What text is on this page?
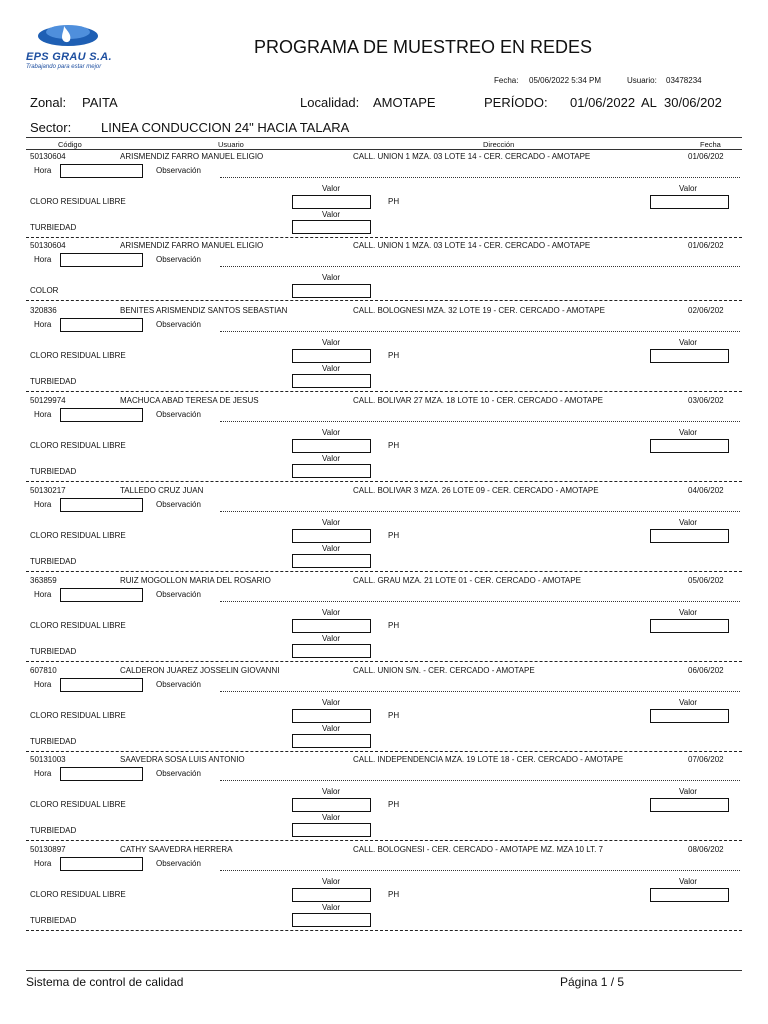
EPS GRAU S.A.
Trabajando para estar mejor
PROGRAMA DE MUESTREO EN REDES
Fecha: 05/06/2022 5:34 PM	Usuario: 03478234
Zonal: PAITA	Localidad: AMOTAPE	PERÍODO: 01/06/2022 AL 30/06/202
Sector: LINEA CONDUCCION 24" HACIA TALARA
Código	Usuario	Dirección	Fecha
50130604	ARISMENDIZ FARRO MANUEL ELIGIO	CALL. UNION 1 MZA. 03 LOTE 14 - CER. CERCADO - AMOTAPE	01/06/202
Hora	Observación
Valor
CLORO RESIDUAL LIBRE	PH
Valor
Valor
TURBIEDAD
50130604	ARISMENDIZ FARRO MANUEL ELIGIO	CALL. UNION 1 MZA. 03 LOTE 14 - CER. CERCADO - AMOTAPE	01/06/202
Hora	Observación
Valor
COLOR
320836	BENITES ARISMENDIZ SANTOS SEBASTIAN	CALL. BOLOGNESI MZA. 32 LOTE 19 - CER. CERCADO - AMOTAPE	02/06/202
Hora	Observación
Valor
CLORO RESIDUAL LIBRE	PH
Valor
Valor
TURBIEDAD
50129974	MACHUCA ABAD TERESA DE JESUS	CALL. BOLIVAR 27 MZA. 18 LOTE 10 - CER. CERCADO - AMOTAPE	03/06/202
Hora	Observación
Valor
CLORO RESIDUAL LIBRE	PH
Valor
Valor
TURBIEDAD
50130217	TALLEDO CRUZ JUAN	CALL. BOLIVAR 3 MZA. 26 LOTE 09 - CER. CERCADO - AMOTAPE	04/06/202
Hora	Observación
Valor
CLORO RESIDUAL LIBRE	PH
Valor
Valor
TURBIEDAD
363859	RUIZ MOGOLLON MARIA DEL ROSARIO	CALL. GRAU MZA. 21 LOTE 01 - CER. CERCADO - AMOTAPE	05/06/202
Hora	Observación
Valor
CLORO RESIDUAL LIBRE	PH
Valor
Valor
TURBIEDAD
607810	CALDERON JUAREZ JOSSELIN GIOVANNI	CALL. UNION S/N. - CER. CERCADO - AMOTAPE	06/06/202
Hora	Observación
Valor
CLORO RESIDUAL LIBRE	PH
Valor
Valor
TURBIEDAD
50131003	SAAVEDRA SOSA LUIS ANTONIO	CALL. INDEPENDENCIA MZA. 19 LOTE 18 - CER. CERCADO - AMOTAPE	07/06/202
Hora	Observación
Valor
CLORO RESIDUAL LIBRE	PH
Valor
Valor
TURBIEDAD
50130897	CATHY SAAVEDRA HERRERA	CALL. BOLOGNESI - CER. CERCADO - AMOTAPE MZ. MZA 10 LT. 7	08/06/202
Hora	Observación
Valor
CLORO RESIDUAL LIBRE	PH
Valor
Valor
TURBIEDAD
Sistema de control de calidad	Página 1 / 5
